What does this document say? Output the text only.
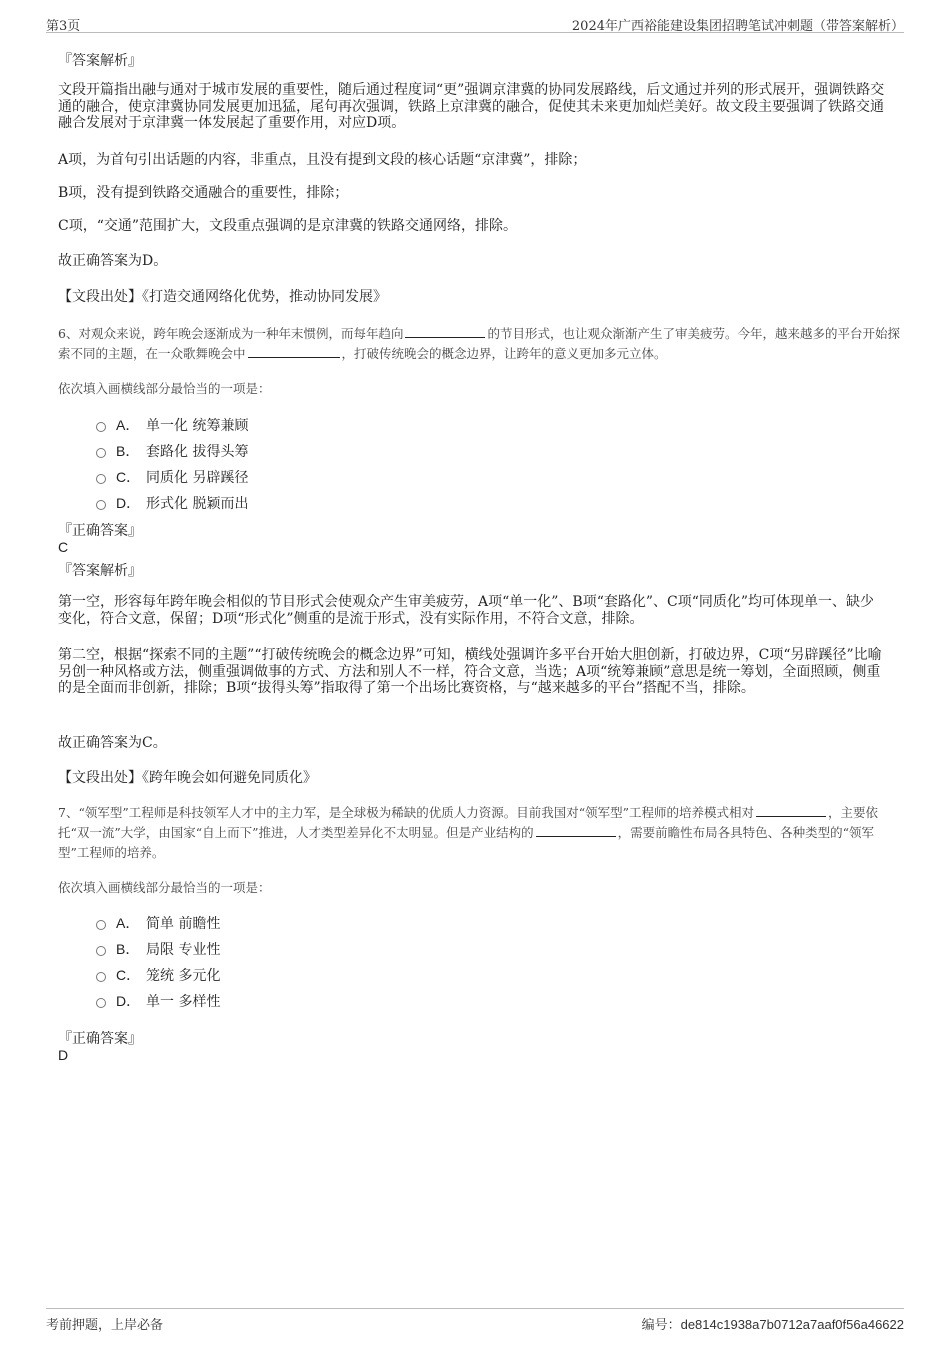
第3页	2024年广西裕能建设集团招聘笔试冲刺题（带答案解析）
『答案解析』
文段开篇指出融与通对于城市发展的重要性，随后通过程度词“更”强调京津冀的协同发展路线，后文通过并列的形式展开，强调铁路交通的融合，使京津冀协同发展更加迅猛，尾句再次强调，铁路上京津冀的融合，促使其未来更加灿烂美好。故文段主要强调了铁路交通融合发展对于京津冀一体发展起了重要作用，对应D项。
A项，为首句引出话题的内容，非重点，且没有提到文段的核心话题“京津冀”，排除；
B项，没有提到铁路交通融合的重要性，排除；
C项，“交通”范围扩大，文段重点强调的是京津冀的铁路交通网络，排除。
故正确答案为D。
【文段出处】《打造交通网络化优势，推动协同发展》
6、对观众来说，跨年晚会逐渐成为一种年末惯例，而每年趋向	的节目形式，也让观众渐渐产生了审美疲劳。今年，越来越多的平台开始探索不同的主题，在一众歌舞晚会中	，打破传统晚会的概念边界，让跨年的意义更加多元立体。
依次填入画横线部分最恰当的一项是：
A． 单一化 统筹兼顾
B． 套路化 拔得头筹
C． 同质化 另辟蹊径
D． 形式化 脱颖而出
『正确答案』
C
『答案解析』
第一空，形容每年跨年晚会相似的节目形式会使观众产生审美疲劳，A项“单一化”、B项“套路化”、C项“同质化”均可体现单一、缺少变化，符合文意，保留；D项“形式化”侧重的是流于形式，没有实际作用，不符合文意，排除。
第二空，根据“探索不同的主题”“打破传统晚会的概念边界”可知，横线处强调许多平台开始大胆创新，打破边界，C项“另辟蹊径”比喻另创一种风格或方法，侧重强调做事的方式、方法和别人不一样，符合文意，当选；A项“统筹兼顾”意思是统一筹划，全面照顾，侧重的是全面而非创新，排除；B项“拔得头筹”指取得了第一个出场比赛资格，与“越来越多的平台”搭配不当，排除。
故正确答案为C。
【文段出处】《跨年晚会如何避免同质化》
7、“领军型”工程师是科技领军人才中的主力军，是全球极为稀缺的优质人力资源。目前我国对“领军型”工程师的培养模式相对	，主要依托“双一流”大学，由国家“自上而下”推进，人才类型差异化不太明显。但是产业结构的	，需要前瞻性布局各具特色、各种类型的“领军型”工程师的培养。
依次填入画横线部分最恰当的一项是：
A． 简单 前瞻性
B． 局限 专业性
C． 笼统 多元化
D． 单一 多样性
『正确答案』
D
考前押题，上岸必备	编号：de814c1938a7b0712a7aaf0f56a46622
